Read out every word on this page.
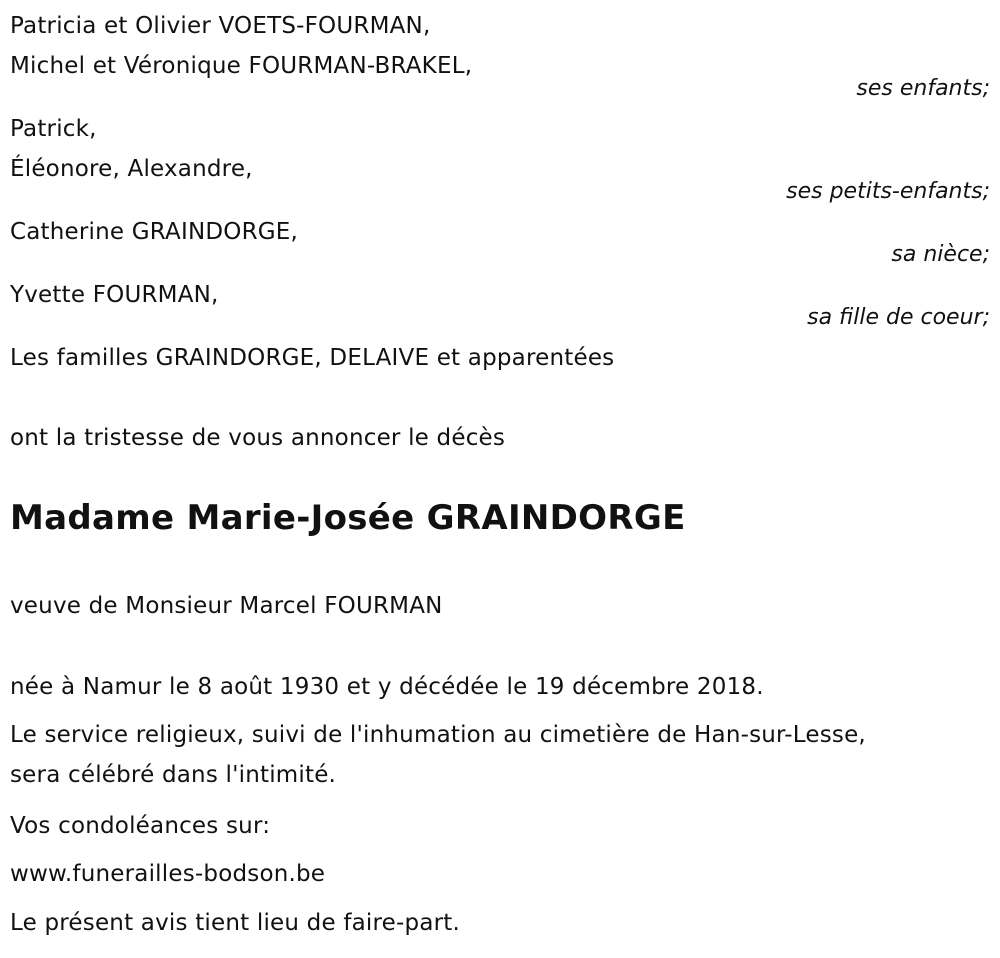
Patricia et Olivier VOETS-FOURMAN,
Michel et Véronique FOURMAN-BRAKEL,
ses enfants;
Patrick,
Éléonore, Alexandre,
ses petits-enfants;
Catherine GRAINDORGE,
sa nièce;
Yvette FOURMAN,
sa fille de coeur;
Les familles GRAINDORGE, DELAIVE et apparentées
ont la tristesse de vous annoncer le décès
Madame Marie-Josée GRAINDORGE
veuve de Monsieur Marcel FOURMAN
née à Namur le 8 août 1930 et y décédée le 19 décembre 2018.
Le service religieux, suivi de l'inhumation au cimetière de Han-sur-Lesse,
sera célébré dans l'intimité.
Vos condoléances sur:
www.funerailles-bodson.be
Le présent avis tient lieu de faire-part.
